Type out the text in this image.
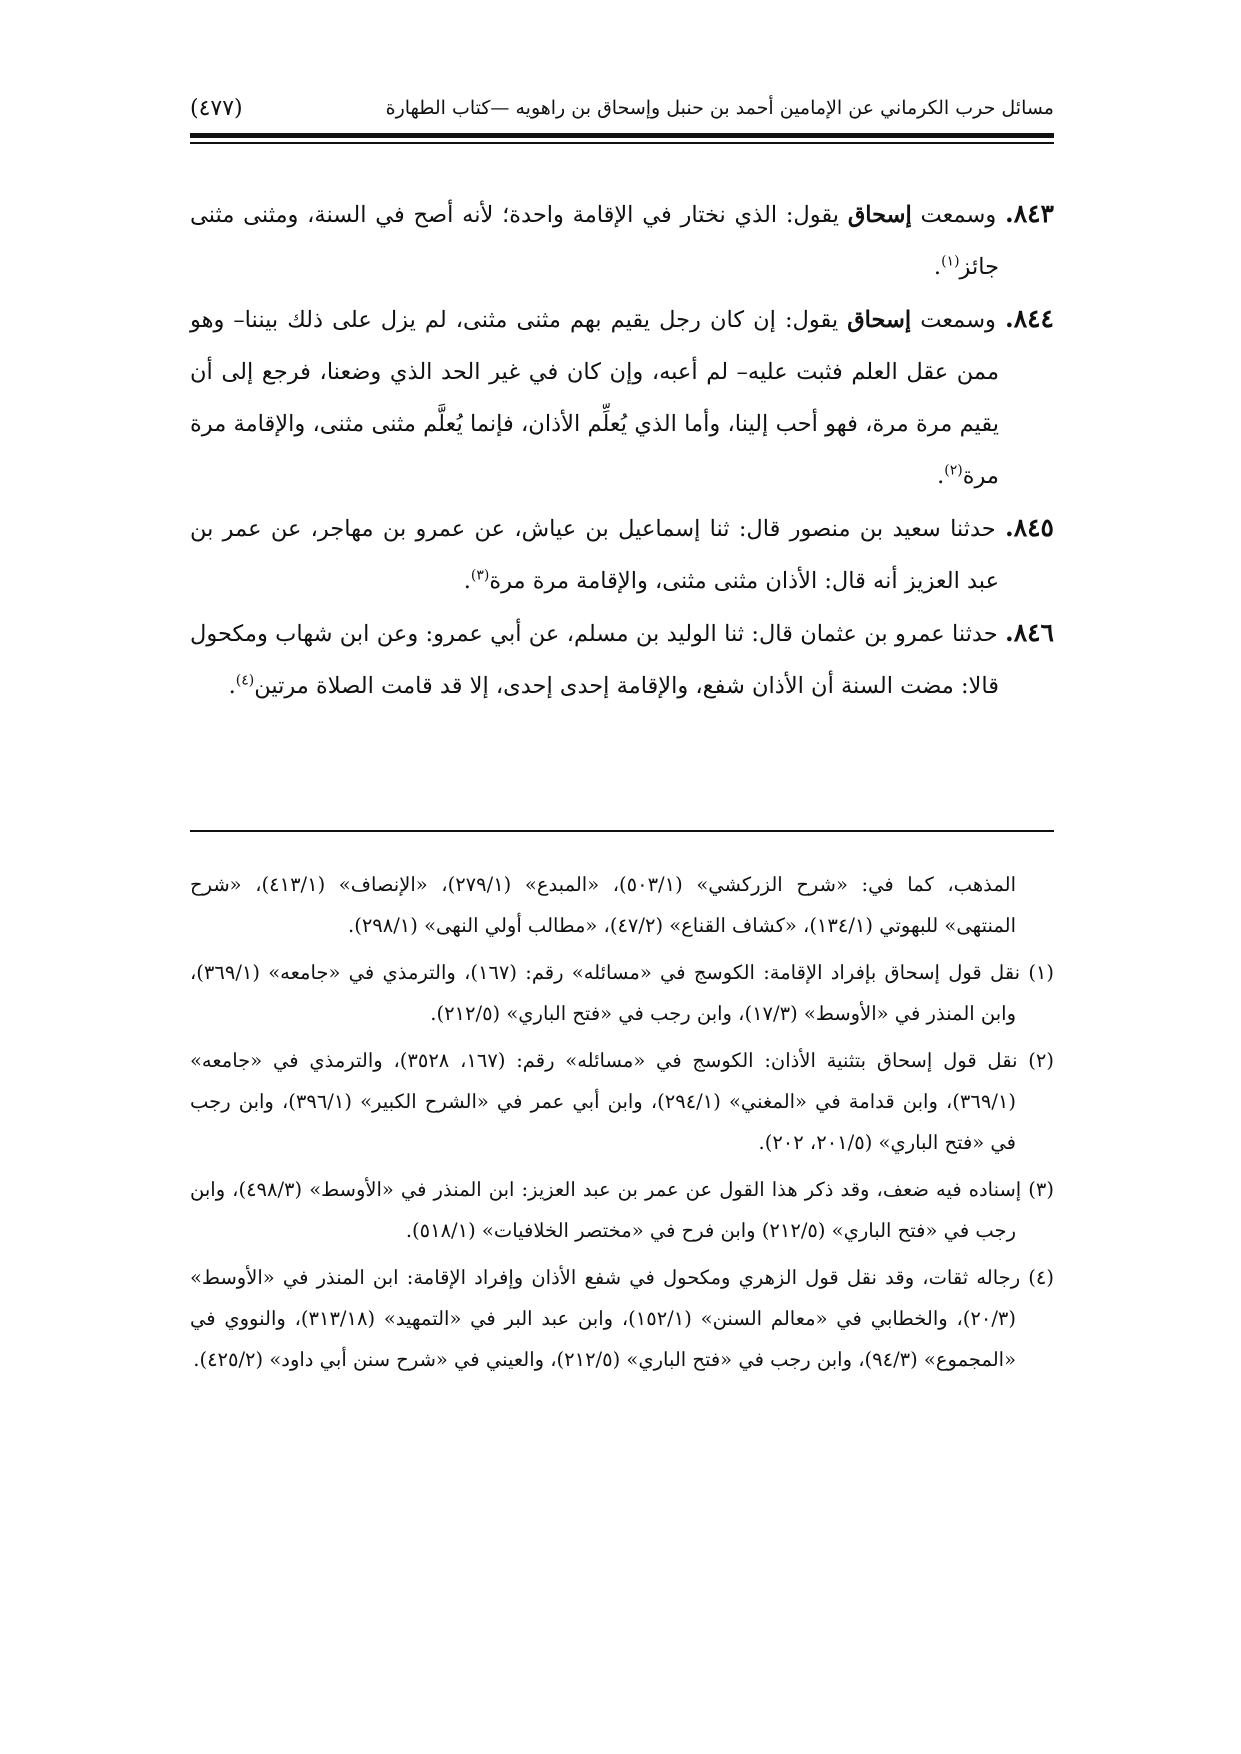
مسائل حرب الكرماني عن الإمامين أحمد بن حنبل وإسحاق بن راهويه —كتاب الطهارة
(٤٧٧)

٨٤٣. وسمعت إسحاق يقول: الذي نختار في الإقامة واحدة؛ لأنه أصح في السنة، ومثنى مثنى جائز$^{(١)}$.

٨٤٤. وسمعت إسحاق يقول: إن كان رجل يقيم بهم مثنى مثنى، لم يزل على ذلك بيننا– وهو ممن عقل العلم فثبت عليه– لم أعبه، وإن كان في غير الحد الذي وضعنا، فرجع إلى أن يقيم مرة مرة، فهو أحب إلينا، وأما الذي يُعلِّم الأذان، فإنما يُعلَّم مثنى مثنى، والإقامة مرة مرة$^{(٢)}$.

٨٤٥. حدثنا سعيد بن منصور قال: ثنا إسماعيل بن عياش، عن عمرو بن مهاجر، عن عمر بن عبد العزيز أنه قال: الأذان مثنى مثنى، والإقامة مرة مرة$^{(٣)}$.

٨٤٦. حدثنا عمرو بن عثمان قال: ثنا الوليد بن مسلم، عن أبي عمرو: وعن ابن شهاب ومكحول قالا: مضت السنة أن الأذان شفع، والإقامة إحدى إحدى، إلا قد قامت الصلاة مرتين$^{(٤)}$.

المذهب، كما في: «شرح الزركشي» (٥٠٣/١)، «المبدع» (٢٧٩/١)، «الإنصاف» (٤١٣/١)، «شرح المنتهى» للبهوتي (١٣٤/١)، «كشاف القناع» (٤٧/٢)، «مطالب أولي النهى» (٢٩٨/١).

(١) نقل قول إسحاق بإفراد الإقامة: الكوسج في «مسائله» رقم: (١٦٧)، والترمذي في «جامعه» (٣٦٩/١)، وابن المنذر في «الأوسط» (١٧/٣)، وابن رجب في «فتح الباري» (٢١٢/٥).

(٢) نقل قول إسحاق بتثنية الأذان: الكوسج في «مسائله» رقم: (١٦٧، ٣٥٢٨)، والترمذي في «جامعه» (٣٦٩/١)، وابن قدامة في «المغني» (٢٩٤/١)، وابن أبي عمر في «الشرح الكبير» (٣٩٦/١)، وابن رجب في «فتح الباري» (٢٠١/٥، ٢٠٢).

(٣) إسناده فيه ضعف، وقد ذكر هذا القول عن عمر بن عبد العزيز: ابن المنذر في «الأوسط» (٤٩٨/٣)، وابن رجب في «فتح الباري» (٢١٢/٥) وابن فرح في «مختصر الخلافيات» (٥١٨/١).

(٤) رجاله ثقات، وقد نقل قول الزهري ومكحول في شفع الأذان وإفراد الإقامة: ابن المنذر في «الأوسط» (٢٠/٣)، والخطابي في «معالم السنن» (١٥٢/١)، وابن عبد البر في «التمهيد» (٣١٣/١٨)، والنووي في «المجموع» (٩٤/٣)، وابن رجب في «فتح الباري» (٢١٢/٥)، والعيني في «شرح سنن أبي داود» (٤٢٥/٢).
